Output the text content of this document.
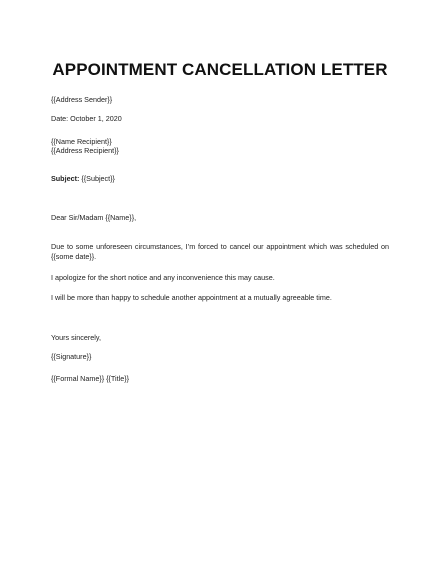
APPOINTMENT CANCELLATION LETTER
{{Address Sender}}
Date: October 1, 2020
{{Name Recipient}}
{{Address Recipient}}
Subject: {{Subject}}
Dear Sir/Madam {{Name}},
Due to some unforeseen circumstances, I’m forced to cancel our appointment which was scheduled on {{some date}}.
I apologize for the short notice and any inconvenience this may cause.
I will be more than happy to schedule another appointment at a mutually agreeable time.
Yours sincerely,
{{Signature}}
{{Formal Name}} {{Title}}
